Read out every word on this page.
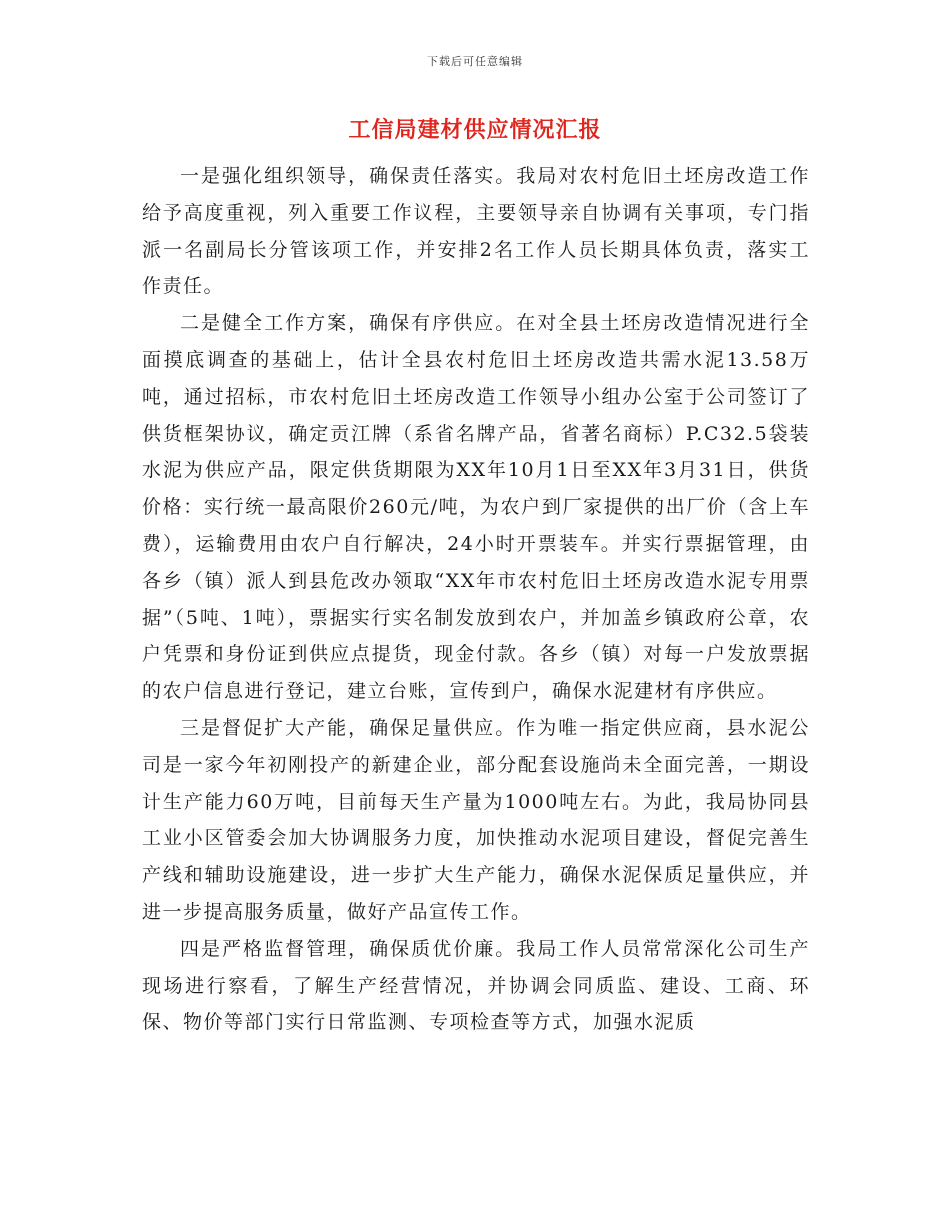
下载后可任意编辑
工信局建材供应情况汇报

一是强化组织领导，确保责任落实。我局对农村危旧土坯房改造工作给予高度重视，列入重要工作议程，主要领导亲自协调有关事项，专门指派一名副局长分管该项工作，并安排2名工作人员长期具体负责，落实工作责任。

二是健全工作方案，确保有序供应。在对全县土坯房改造情况进行全面摸底调查的基础上，估计全县农村危旧土坯房改造共需水泥13.58万吨，通过招标，市农村危旧土坯房改造工作领导小组办公室于公司签订了供货框架协议，确定贡江牌（系省名牌产品，省著名商标）P.C32.5袋装水泥为供应产品，限定供货期限为XX年10月1日至XX年3月31日，供货价格：实行统一最高限价260元/吨，为农户到厂家提供的出厂价（含上车费），运输费用由农户自行解决，24小时开票装车。并实行票据管理，由各乡（镇）派人到县危改办领取“XX年市农村危旧土坯房改造水泥专用票据”（5吨、1吨），票据实行实名制发放到农户，并加盖乡镇政府公章，农户凭票和身份证到供应点提货，现金付款。各乡（镇）对每一户发放票据的农户信息进行登记，建立台账，宣传到户，确保水泥建材有序供应。

三是督促扩大产能，确保足量供应。作为唯一指定供应商，县水泥公司是一家今年初刚投产的新建企业，部分配套设施尚未全面完善，一期设计生产能力60万吨，目前每天生产量为1000吨左右。为此，我局协同县工业小区管委会加大协调服务力度，加快推动水泥项目建设，督促完善生产线和辅助设施建设，进一步扩大生产能力，确保水泥保质足量供应，并进一步提高服务质量，做好产品宣传工作。

四是严格监督管理，确保质优价廉。我局工作人员常常深化公司生产现场进行察看，了解生产经营情况，并协调会同质监、建设、工商、环保、物价等部门实行日常监测、专项检查等方式，加强水泥质
